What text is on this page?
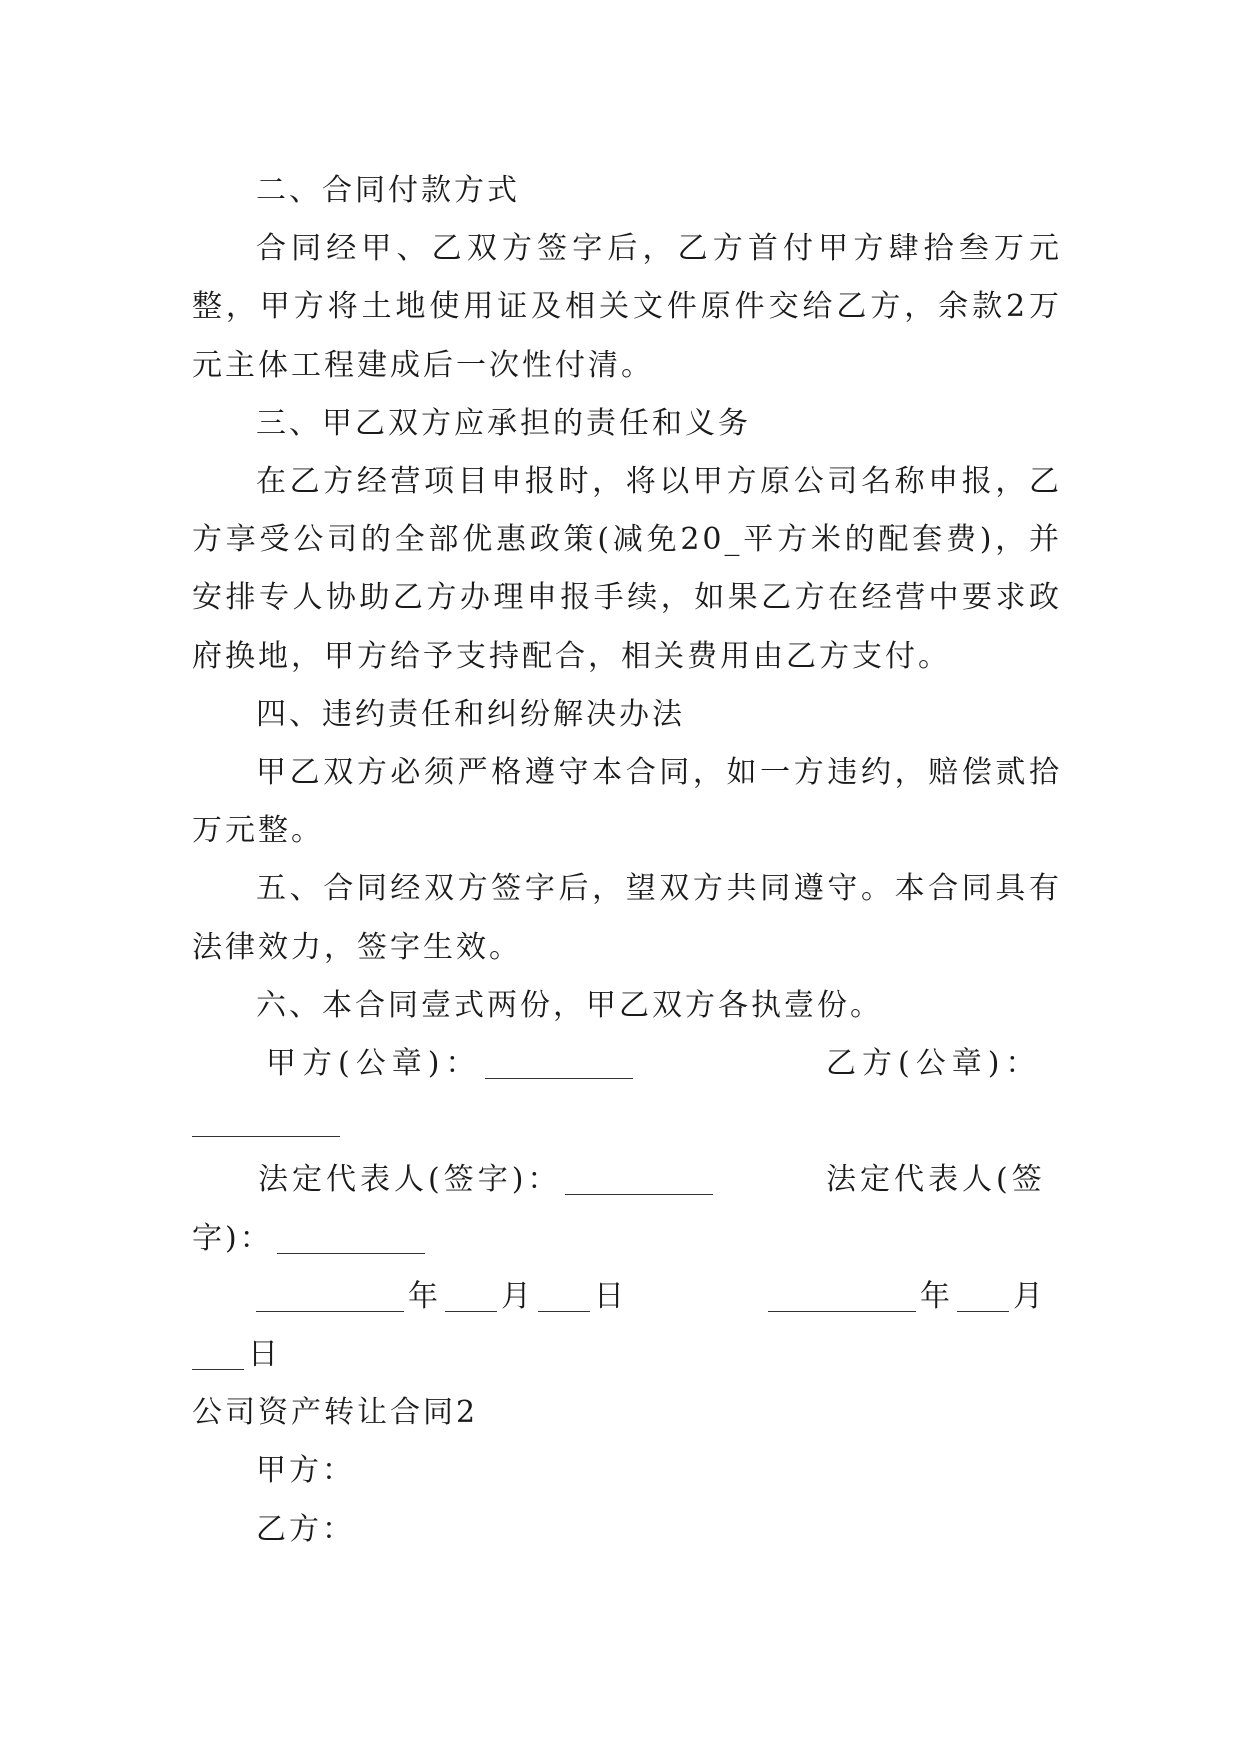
二、合同付款方式

合同经甲、乙双方签字后，乙方首付甲方肆拾叁万元整，甲方将土地使用证及相关文件原件交给乙方，余款2万元主体工程建成后一次性付清。

三、甲乙双方应承担的责任和义务

在乙方经营项目申报时，将以甲方原公司名称申报，乙方享受公司的全部优惠政策(减免20_平方米的配套费)，并安排专人协助乙方办理申报手续，如果乙方在经营中要求政府换地，甲方给予支持配合，相关费用由乙方支付。

四、违约责任和纠纷解决办法

甲乙双方必须严格遵守本合同，如一方违约，赔偿贰拾万元整。

五、合同经双方签字后，望双方共同遵守。本合同具有法律效力，签字生效。

六、本合同壹式两份，甲乙双方各执壹份。

甲方(公章)：	乙方(公章)：
法定代表人(签字)：	法定代表人(签
字)：
年 月 日	年 月
日

公司资产转让合同2

甲方：

乙方：
